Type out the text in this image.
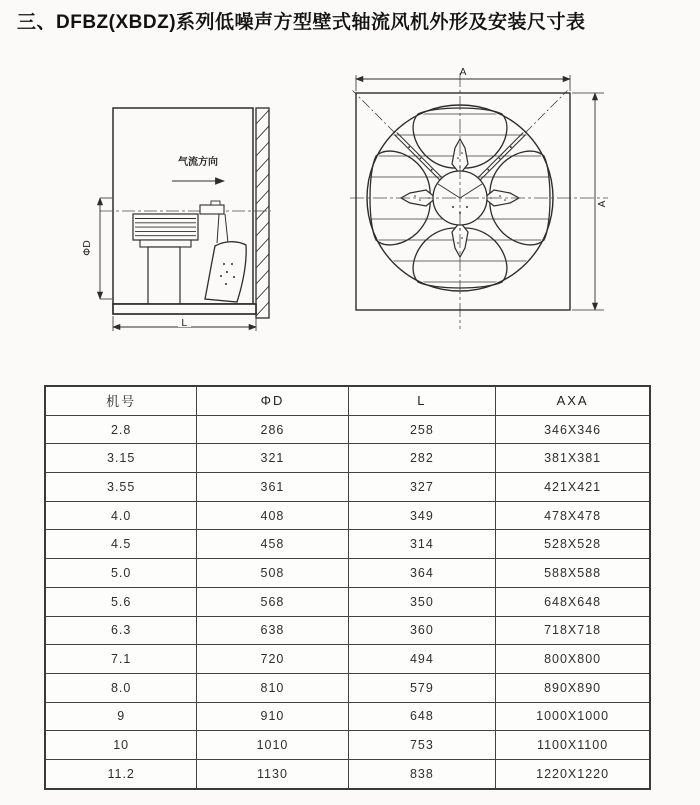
三、DFBZ(XBDZ)系列低噪声方型壁式轴流风机外形及安装尺寸表
气流方向
ΦD
L
A
A
机号	ΦD	L	AXA
2.8	286	258	346X346
3.15	321	282	381X381
3.55	361	327	421X421
4.0	408	349	478X478
4.5	458	314	528X528
5.0	508	364	588X588
5.6	568	350	648X648
6.3	638	360	718X718
7.1	720	494	800X800
8.0	810	579	890X890
9	910	648	1000X1000
10	1010	753	1100X1100
11.2	1130	838	1220X1220
